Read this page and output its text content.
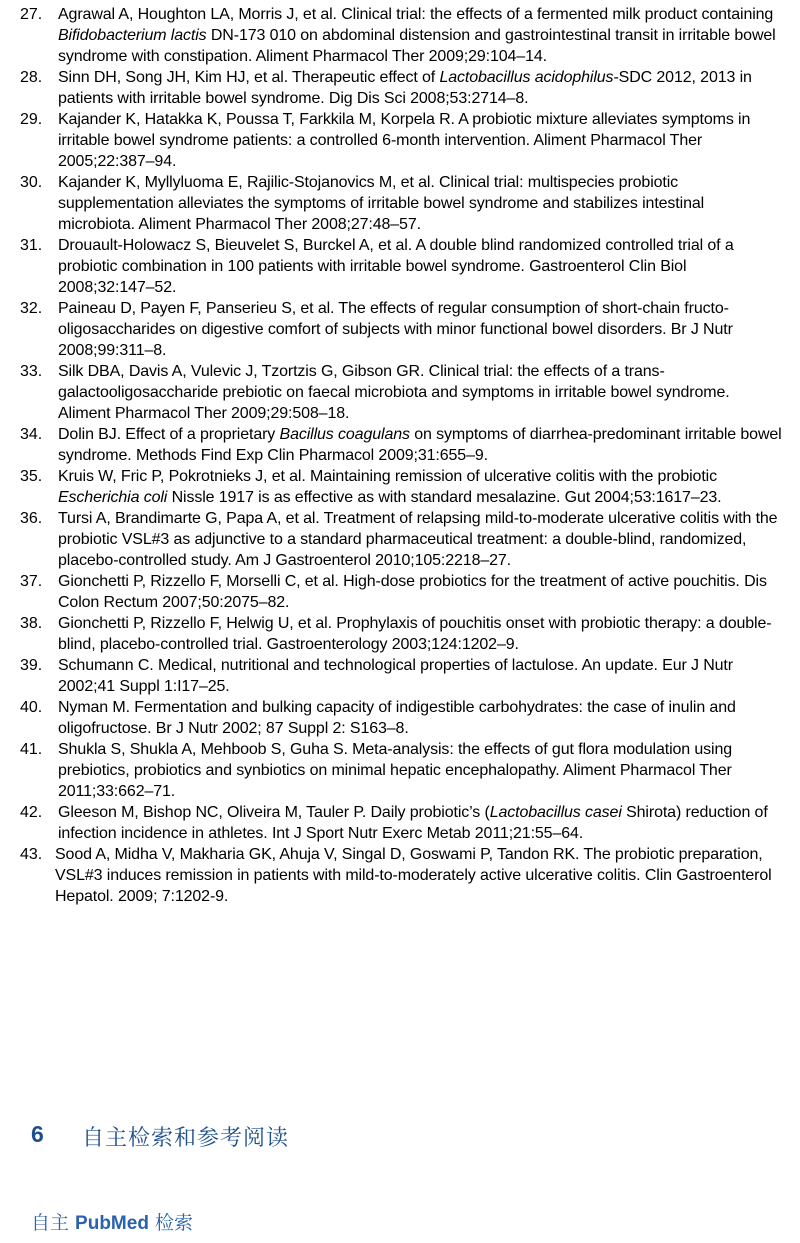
27. Agrawal A, Houghton LA, Morris J, et al. Clinical trial: the effects of a fermented milk product containing Bifidobacterium lactis DN-173 010 on abdominal distension and gastrointestinal transit in irritable bowel syndrome with constipation. Aliment Pharmacol Ther 2009;29:104–14.
28. Sinn DH, Song JH, Kim HJ, et al. Therapeutic effect of Lactobacillus acidophilus-SDC 2012, 2013 in patients with irritable bowel syndrome. Dig Dis Sci 2008;53:2714–8.
29. Kajander K, Hatakka K, Poussa T, Farkkila M, Korpela R. A probiotic mixture alleviates symptoms in irritable bowel syndrome patients: a controlled 6-month intervention. Aliment Pharmacol Ther 2005;22:387–94.
30. Kajander K, Myllyluoma E, Rajilic-Stojanovics M, et al. Clinical trial: multispecies probiotic supplementation alleviates the symptoms of irritable bowel syndrome and stabilizes intestinal microbiota. Aliment Pharmacol Ther 2008;27:48–57.
31. Drouault-Holowacz S, Bieuvelet S, Burckel A, et al. A double blind randomized controlled trial of a probiotic combination in 100 patients with irritable bowel syndrome. Gastroenterol Clin Biol 2008;32:147–52.
32. Paineau D, Payen F, Panserieu S, et al. The effects of regular consumption of short-chain fructo-oligosaccharides on digestive comfort of subjects with minor functional bowel disorders. Br J Nutr 2008;99:311–8.
33. Silk DBA, Davis A, Vulevic J, Tzortzis G, Gibson GR. Clinical trial: the effects of a trans-galactooligosaccharide prebiotic on faecal microbiota and symptoms in irritable bowel syndrome. Aliment Pharmacol Ther 2009;29:508–18.
34. Dolin BJ. Effect of a proprietary Bacillus coagulans on symptoms of diarrhea-predominant irritable bowel syndrome. Methods Find Exp Clin Pharmacol 2009;31:655–9.
35. Kruis W, Fric P, Pokrotnieks J, et al. Maintaining remission of ulcerative colitis with the probiotic Escherichia coli Nissle 1917 is as effective as with standard mesalazine. Gut 2004;53:1617–23.
36. Tursi A, Brandimarte G, Papa A, et al. Treatment of relapsing mild-to-moderate ulcerative colitis with the probiotic VSL#3 as adjunctive to a standard pharmaceutical treatment: a double-blind, randomized, placebo-controlled study. Am J Gastroenterol 2010;105:2218–27.
37. Gionchetti P, Rizzello F, Morselli C, et al. High-dose probiotics for the treatment of active pouchitis. Dis Colon Rectum 2007;50:2075–82.
38. Gionchetti P, Rizzello F, Helwig U, et al. Prophylaxis of pouchitis onset with probiotic therapy: a double-blind, placebo-controlled trial. Gastroenterology 2003;124:1202–9.
39. Schumann C. Medical, nutritional and technological properties of lactulose. An update. Eur J Nutr 2002;41 Suppl 1:I17–25.
40. Nyman M. Fermentation and bulking capacity of indigestible carbohydrates: the case of inulin and oligofructose. Br J Nutr 2002; 87 Suppl 2: S163–8.
41. Shukla S, Shukla A, Mehboob S, Guha S. Meta-analysis: the effects of gut flora modulation using prebiotics, probiotics and synbiotics on minimal hepatic encephalopathy. Aliment Pharmacol Ther 2011;33:662–71.
42. Gleeson M, Bishop NC, Oliveira M, Tauler P. Daily probiotic’s (Lactobacillus casei Shirota) reduction of infection incidence in athletes. Int J Sport Nutr Exerc Metab 2011;21:55–64.
43. Sood A, Midha V, Makharia GK, Ahuja V, Singal D, Goswami P, Tandon RK. The probiotic preparation, VSL#3 induces remission in patients with mild-to-moderately active ulcerative colitis. Clin Gastroenterol Hepatol. 2009; 7:1202-9.
6 自主检索和参考阅读
自主 PubMed 检索
